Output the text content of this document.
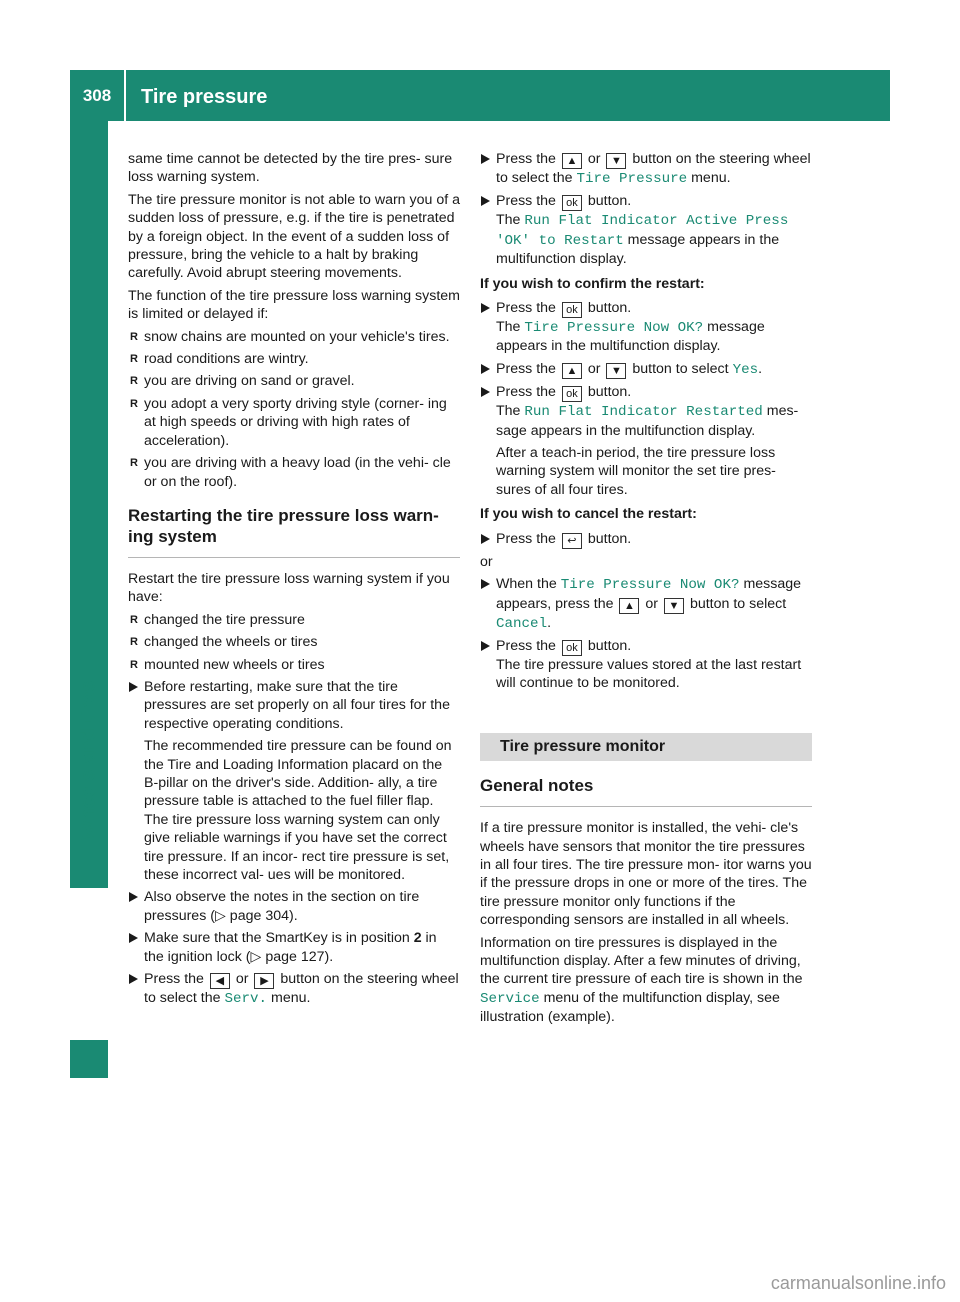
308	Tire pressure
Wheels and tires

same time cannot be detected by the tire pres- sure loss warning system.

The tire pressure monitor is not able to warn you of a sudden loss of pressure, e.g. if the tire is penetrated by a foreign object. In the event of a sudden loss of pressure, bring the vehicle to a halt by braking carefully. Avoid abrupt steering movements.

The function of the tire pressure loss warning system is limited or delayed if:

R snow chains are mounted on your vehicle's tires.
R road conditions are wintry.
R you are driving on sand or gravel.
R you adopt a very sporty driving style (corner- ing at high speeds or driving with high rates of acceleration).
R you are driving with a heavy load (in the vehi- cle or on the roof).
Restarting the tire pressure loss warn- ing system

Restart the tire pressure loss warning system if you have:

R changed the tire pressure
R changed the wheels or tires
R mounted new wheels or tires
Before restarting, make sure that the tire pressures are set properly on all four tires for the respective operating conditions.
The recommended tire pressure can be found on the Tire and Loading Information placard on the B-pillar on the driver's side. Addition- ally, a tire pressure table is attached to the fuel filler flap. The tire pressure loss warning system can only give reliable warnings if you have set the correct tire pressure. If an incor- rect tire pressure is set, these incorrect val- ues will be monitored.
Also observe the notes in the section on tire pressures (▷ page 304).
Make sure that the SmartKey is in position 2 in the ignition lock (▷ page 127).
Press the ◀ or ▶ button on the steering wheel to select the Serv. menu.
Press the ▲ or ▼ button on the steering wheel to select the Tire Pressure menu.
Press the ok button.
The Run Flat Indicator Active Press 'OK' to Restart message appears in the multifunction display.
If you wish to confirm the restart:
Press the ok button.
The Tire Pressure Now OK? message appears in the multifunction display.
Press the ▲ or ▼ button to select Yes.
Press the ok button.
The Run Flat Indicator Restarted mes- sage appears in the multifunction display.
After a teach-in period, the tire pressure loss warning system will monitor the set tire pres- sures of all four tires.
If you wish to cancel the restart:
Press the ↩ button.

or

When the Tire Pressure Now OK? message appears, press the ▲ or ▼ button to select Cancel.
Press the ok button.
The tire pressure values stored at the last restart will continue to be monitored.
Tire pressure monitor
General notes

If a tire pressure monitor is installed, the vehi- cle's wheels have sensors that monitor the tire pressures in all four tires. The tire pressure mon- itor warns you if the pressure drops in one or more of the tires. The tire pressure monitor only functions if the corresponding sensors are installed in all wheels.

Information on tire pressures is displayed in the multifunction display. After a few minutes of driving, the current tire pressure of each tire is shown in the Service menu of the multifunction display, see illustration (example).

carmanualsonline.info
